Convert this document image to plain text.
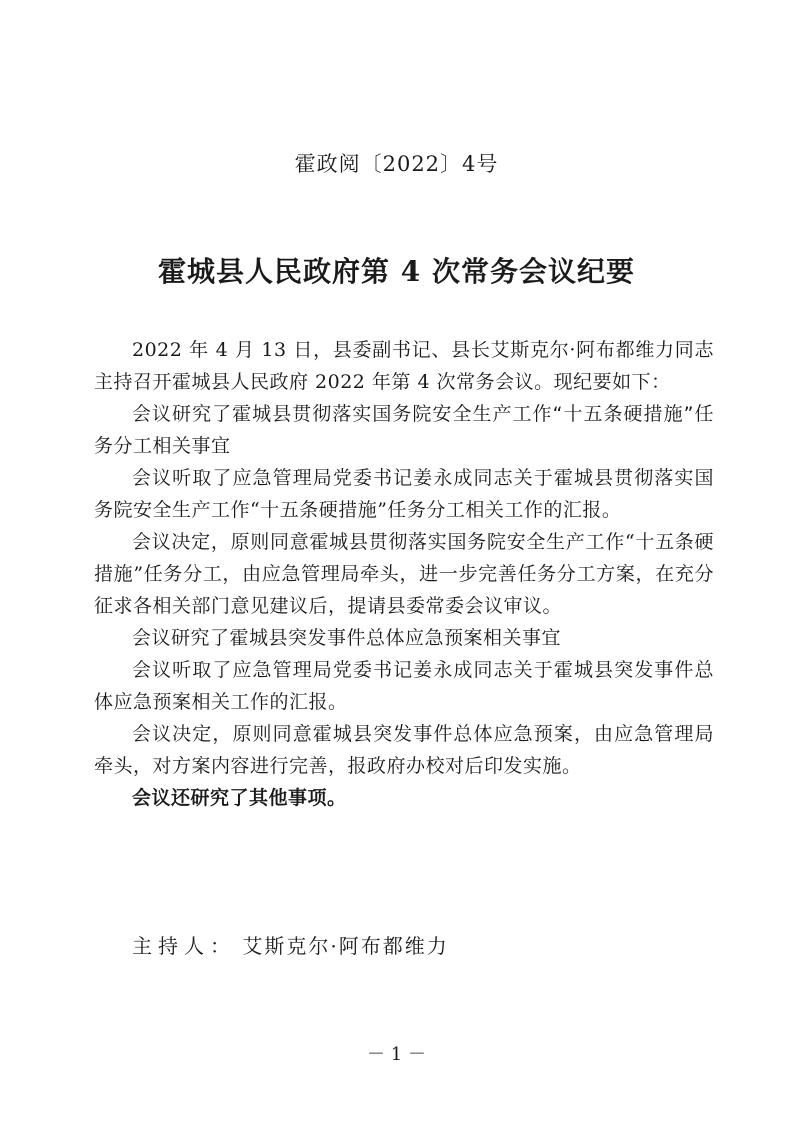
霍政阅〔2022〕4号

霍城县人民政府第 4 次常务会议纪要

2022 年 4 月 13 日，县委副书记、县长艾斯克尔·阿布都维力同志主持召开霍城县人民政府 2022 年第 4 次常务会议。现纪要如下：

会议研究了霍城县贯彻落实国务院安全生产工作“十五条硬措施”任务分工相关事宜

会议听取了应急管理局党委书记姜永成同志关于霍城县贯彻落实国务院安全生产工作“十五条硬措施”任务分工相关工作的汇报。

会议决定，原则同意霍城县贯彻落实国务院安全生产工作“十五条硬措施”任务分工，由应急管理局牵头，进一步完善任务分工方案，在充分征求各相关部门意见建议后，提请县委常委会议审议。

会议研究了霍城县突发事件总体应急预案相关事宜

会议听取了应急管理局党委书记姜永成同志关于霍城县突发事件总体应急预案相关工作的汇报。

会议决定，原则同意霍城县突发事件总体应急预案，由应急管理局牵头，对方案内容进行完善，报政府办校对后印发实施。

会议还研究了其他事项。

主持人： 艾斯克尔·阿布都维力

－ 1 －
